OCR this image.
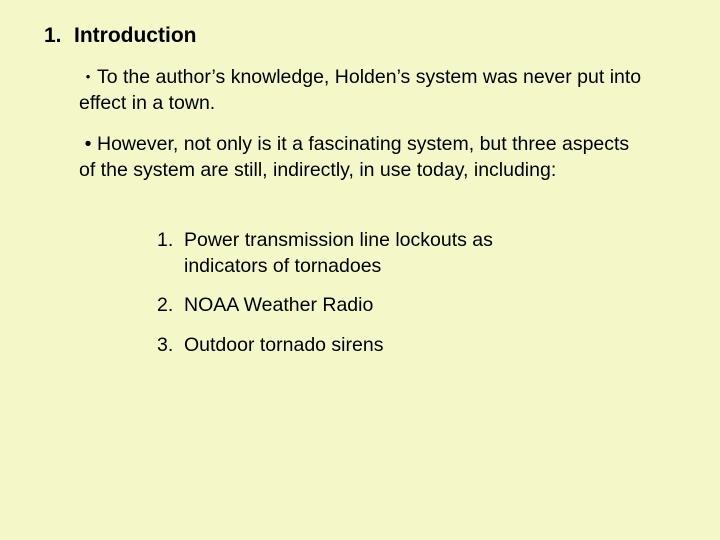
1. Introduction
• To the author’s knowledge, Holden’s system was never put into effect in a town.
• However, not only is it a fascinating system, but three aspects of the system are still, indirectly, in use today, including:
1. Power transmission line lockouts as indicators of tornadoes
2. NOAA Weather Radio
3. Outdoor tornado sirens
